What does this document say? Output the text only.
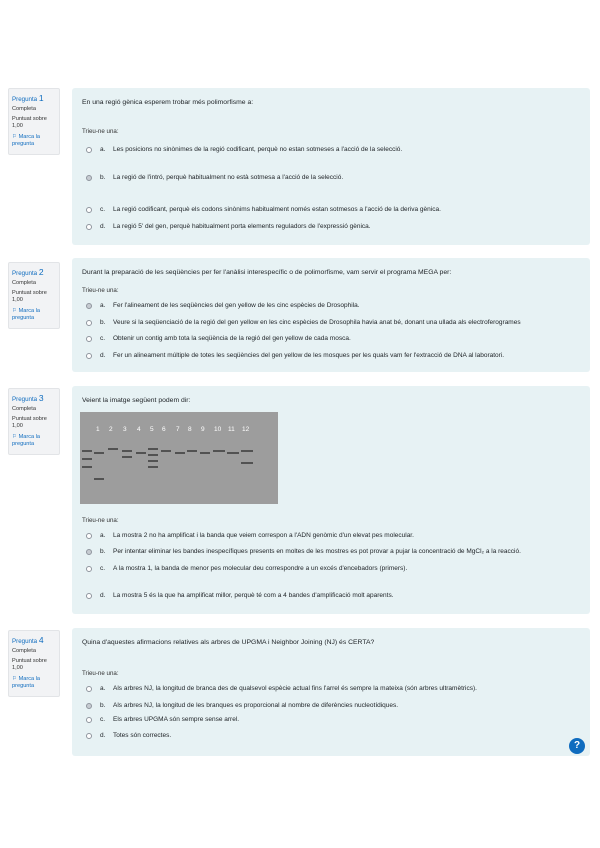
Pregunta 1
Completa
Puntuat sobre 1,00
⚐ Marca la pregunta
En una regió gènica esperem trobar més polimorfisme a:
Trieu-ne una:
a.	Les posicions no sinònimes de la regió codificant, perquè no estan sotmeses a l'acció de la selecció.
b.	La regió de l'intró, perquè habitualment no està sotmesa a l'acció de la selecció.
c.	La regió codificant, perquè els codons sinònims habitualment només estan sotmesos a l'acció de la deriva gènica.
d.	La regió 5' del gen, perquè habitualment porta elements reguladors de l'expressió gènica.
Pregunta 2
Completa
Puntuat sobre 1,00
⚐ Marca la pregunta
Durant la preparació de les seqüències per fer l'anàlisi interespecífic o de polimorfisme, vam servir el programa MEGA per:
Trieu-ne una:
a.	Fer l'alineament de les seqüències del gen yellow de les cinc espècies de Drosophila.
b.	Veure si la seqüenciació de la regió del gen yellow en les cinc espècies de Drosophila havia anat bé, donant una ullada als electroferogrames
c.	Obtenir un contig amb tota la seqüència de la regió del gen yellow de cada mosca.
d.	Fer un alineament múltiple de totes les seqüències del gen yellow de les mosques per les quals vam fer l'extracció de DNA al laboratori.
Pregunta 3
Completa
Puntuat sobre 1,00
⚐ Marca la pregunta
Veient la imatge següent podem dir:
1 2 3 4 5 6 7 8 9 10 11 12
Trieu-ne una:
a.	La mostra 2 no ha amplificat i la banda que veiem correspon a l'ADN genòmic d'un elevat pes molecular.
b.	Per intentar eliminar les bandes inespecífiques presents en moltes de les mostres es pot provar a pujar la concentració de MgCl₂ a la reacció.
c.	A la mostra 1, la banda de menor pes molecular deu correspondre a un excés d'encebadors (primers).
d.	La mostra 5 és la que ha amplificat millor, perquè té com a 4 bandes d'amplificació molt aparents.
Pregunta 4
Completa
Puntuat sobre 1,00
⚐ Marca la pregunta
Quina d'aquestes afirmacions relatives als arbres de UPGMA i Neighbor Joining (NJ) és CERTA?
Trieu-ne una:
a.	Als arbres NJ, la longitud de branca des de qualsevol espècie actual fins l'arrel és sempre la mateixa (són arbres ultramètrics).
b.	Als arbres NJ, la longitud de les branques es proporcional al nombre de diferències nucleotídiques.
c.	Els arbres UPGMA són sempre sense arrel.
d.	Totes són correctes.
?
